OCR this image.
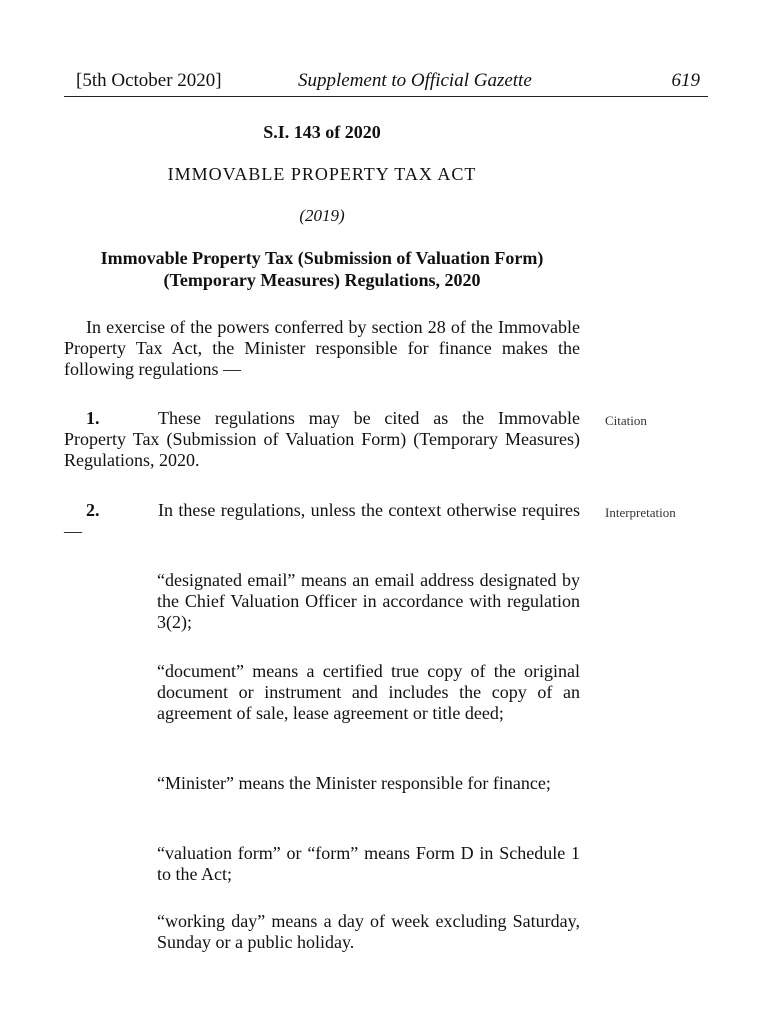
[5th October 2020]	Supplement to Official Gazette	619
S.I. 143 of 2020
IMMOVABLE PROPERTY TAX ACT
(2019)
Immovable Property Tax (Submission of Valuation Form) (Temporary Measures) Regulations, 2020
In exercise of the powers conferred by section 28 of the Immovable Property Tax Act, the Minister responsible for finance makes the following regulations —
1.	These regulations may be cited as the Immovable Property Tax (Submission of Valuation Form) (Temporary Measures) Regulations, 2020.
Citation
2.	In these regulations, unless the context otherwise requires —
Interpretation
“designated email” means an email address designated by the Chief Valuation Officer in accordance with regulation 3(2);
“document” means a certified true copy of the original document or instrument and includes the copy of an agreement of sale, lease agreement or title deed;
“Minister” means the Minister responsible for finance;
“valuation form” or “form” means Form D in Schedule 1 to the Act;
“working day” means a day of week excluding Saturday, Sunday or a public holiday.
